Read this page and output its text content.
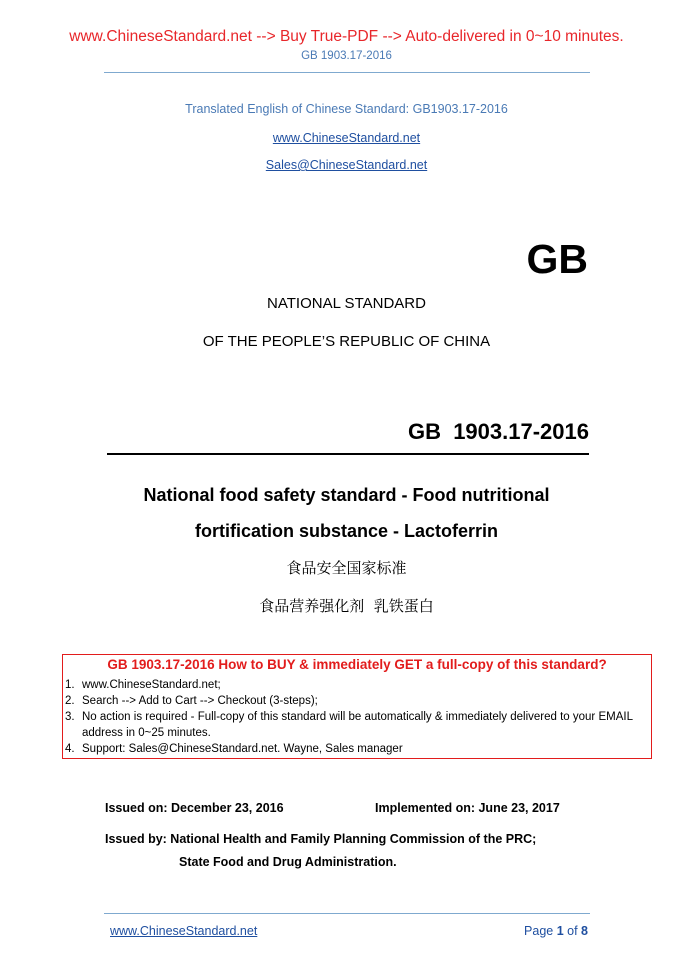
www.ChineseStandard.net --> Buy True-PDF --> Auto-delivered in 0~10 minutes.
GB 1903.17-2016
Translated English of Chinese Standard: GB1903.17-2016
www.ChineseStandard.net
Sales@ChineseStandard.net
GB
NATIONAL STANDARD
OF THE PEOPLE’S REPUBLIC OF CHINA
GB  1903.17-2016
National food safety standard - Food nutritional
fortification substance - Lactoferrin
食品安全国家标准
食品营养强化剂  乳铁蛋白
GB 1903.17-2016 How to BUY & immediately GET a full-copy of this standard?
1. www.ChineseStandard.net;
2. Search --> Add to Cart --> Checkout (3-steps);
3. No action is required - Full-copy of this standard will be automatically & immediately delivered to your EMAIL address in 0~25 minutes.
4. Support: Sales@ChineseStandard.net. Wayne, Sales manager
Issued on: December 23, 2016	Implemented on: June 23, 2017
Issued by: National Health and Family Planning Commission of the PRC;
State Food and Drug Administration.
www.ChineseStandard.net	Page 1 of 8
